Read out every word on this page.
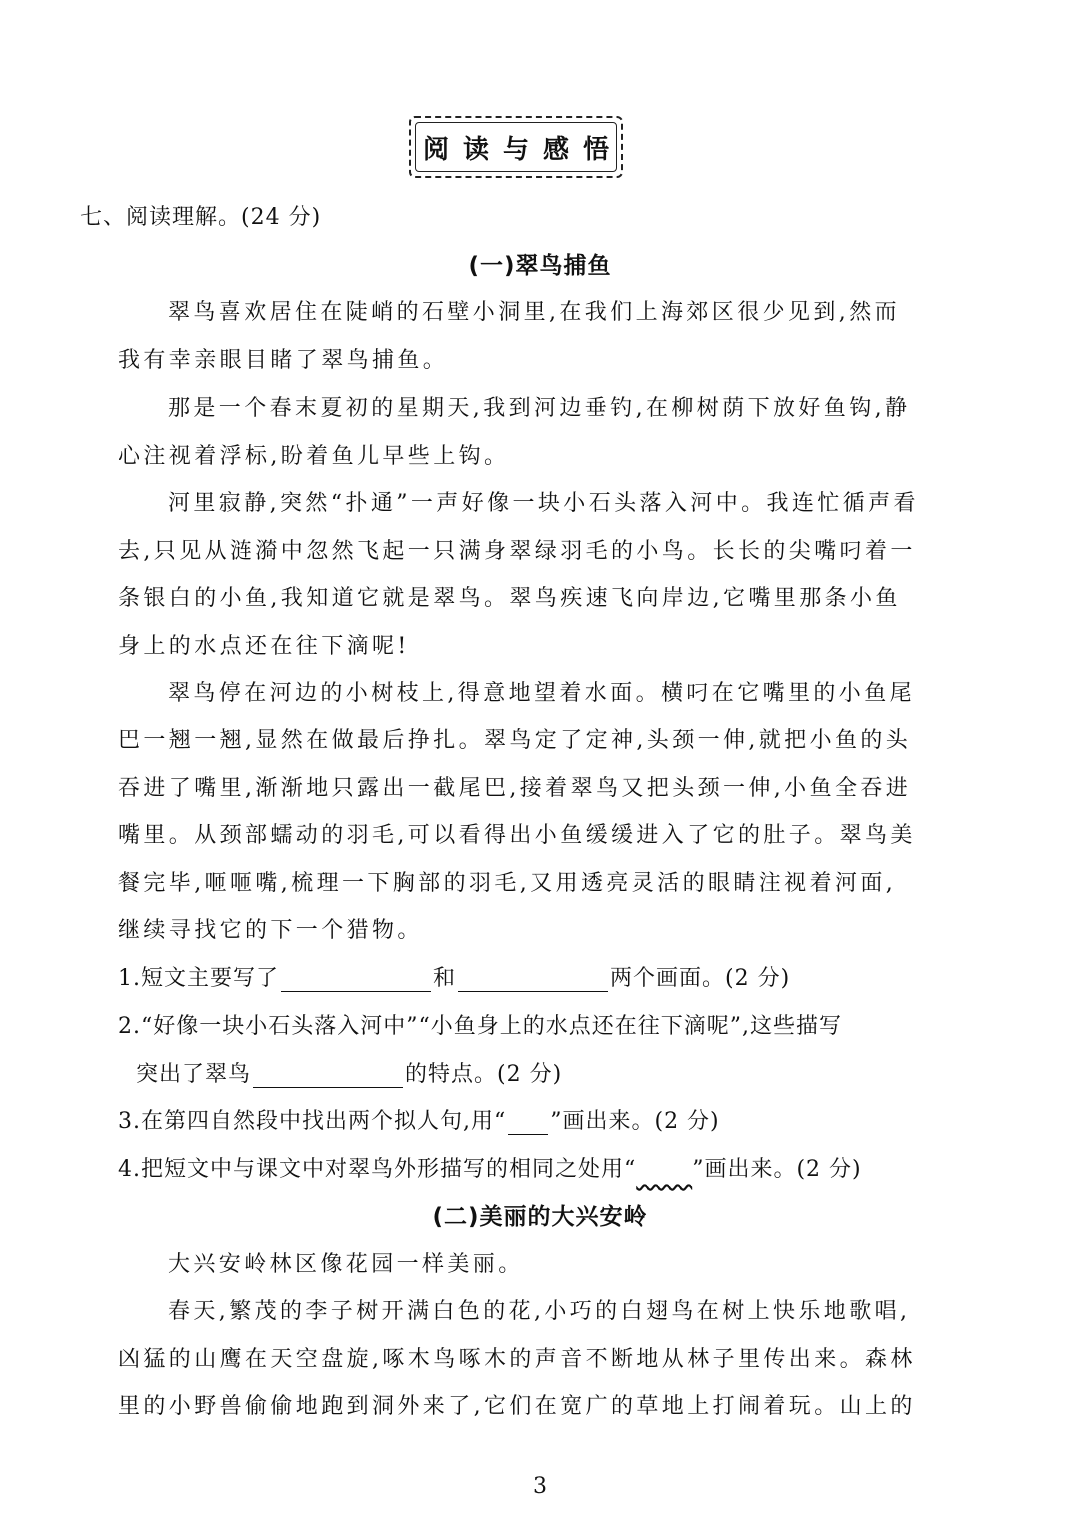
阅读与感悟
七、阅读理解。(24 分)
(一)翠鸟捕鱼
翠鸟喜欢居住在陡峭的石壁小洞里,在我们上海郊区很少见到,然而
我有幸亲眼目睹了翠鸟捕鱼。
那是一个春末夏初的星期天,我到河边垂钓,在柳树荫下放好鱼钩,静
心注视着浮标,盼着鱼儿早些上钩。
河里寂静,突然“扑通”一声好像一块小石头落入河中。我连忙循声看
去,只见从涟漪中忽然飞起一只满身翠绿羽毛的小鸟。长长的尖嘴叼着一
条银白的小鱼,我知道它就是翠鸟。翠鸟疾速飞向岸边,它嘴里那条小鱼
身上的水点还在往下滴呢!
翠鸟停在河边的小树枝上,得意地望着水面。横叼在它嘴里的小鱼尾
巴一翘一翘,显然在做最后挣扎。翠鸟定了定神,头颈一伸,就把小鱼的头
吞进了嘴里,渐渐地只露出一截尾巴,接着翠鸟又把头颈一伸,小鱼全吞进
嘴里。从颈部蠕动的羽毛,可以看得出小鱼缓缓进入了它的肚子。翠鸟美
餐完毕,咂咂嘴,梳理一下胸部的羽毛,又用透亮灵活的眼睛注视着河面,
继续寻找它的下一个猎物。
1.短文主要写了	和	两个画面。(2 分)
2.“好像一块小石头落入河中”“小鱼身上的水点还在往下滴呢”,这些描写
突出了翠鸟	的特点。(2 分)
3.在第四自然段中找出两个拟人句,用“ ”画出来。(2 分)
4.把短文中与课文中对翠鸟外形描写的相同之处用“	”画出来。(2 分)
(二)美丽的大兴安岭
大兴安岭林区像花园一样美丽。
春天,繁茂的李子树开满白色的花,小巧的白翅鸟在树上快乐地歌唱,
凶猛的山鹰在天空盘旋,啄木鸟啄木的声音不断地从林子里传出来。森林
里的小野兽偷偷地跑到洞外来了,它们在宽广的草地上打闹着玩。山上的
3
